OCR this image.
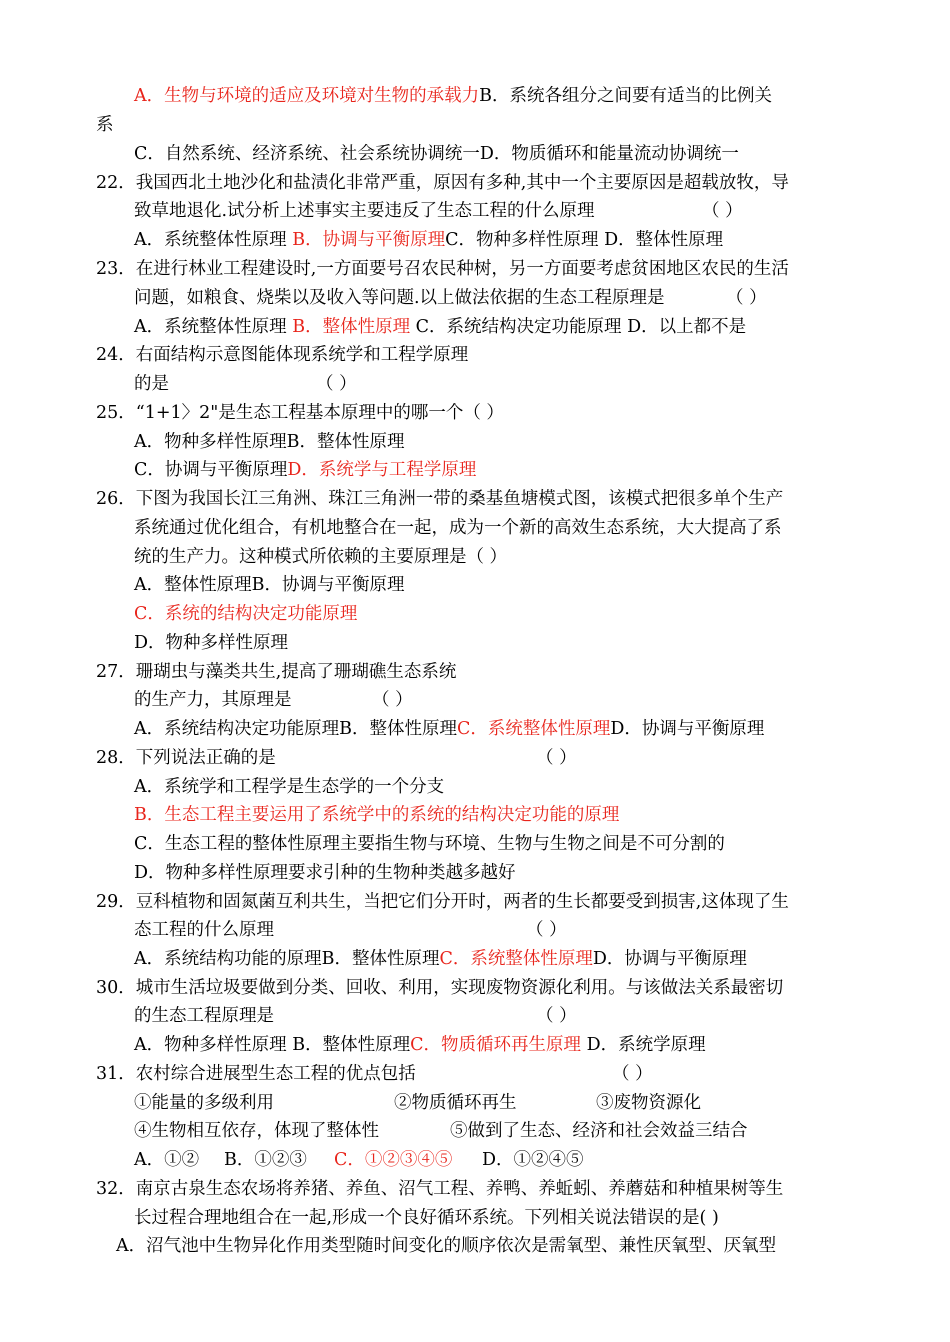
A．生物与环境的适应及环境对生物的承载力B．系统各组分之间要有适当的比例关
系
C．自然系统、经济系统、社会系统协调统一D．物质循环和能量流动协调统一
22．我国西北土地沙化和盐渍化非常严重，原因有多种,其中一个主要原因是超载放牧，导
致草地退化.试分析上述事实主要违反了生态工程的什么原理	（ ）
A．系统整体性原理 B．协调与平衡原理C．物种多样性原理 D．整体性原理
23．在进行林业工程建设时,一方面要号召农民种树，另一方面要考虑贫困地区农民的生活
问题，如粮食、烧柴以及收入等问题.以上做法依据的生态工程原理是	（ ）
A．系统整体性原理 B．整体性原理 C．系统结构决定功能原理 D．以上都不是
24．右面结构示意图能体现系统学和工程学原理
的是	（ ）
25．“1+1〉2"是生态工程基本原理中的哪一个（ ）
A．物种多样性原理B．整体性原理
C．协调与平衡原理D．系统学与工程学原理
26．下图为我国长江三角洲、珠江三角洲一带的桑基鱼塘模式图，该模式把很多单个生产
系统通过优化组合，有机地整合在一起，成为一个新的高效生态系统，大大提高了系
统的生产力。这种模式所依赖的主要原理是（ ）
A．整体性原理B．协调与平衡原理
C．系统的结构决定功能原理
D．物种多样性原理
27．珊瑚虫与藻类共生,提高了珊瑚礁生态系统
的生产力，其原理是	（ ）
A．系统结构决定功能原理B．整体性原理C．系统整体性原理D．协调与平衡原理
28．下列说法正确的是	（ ）
A．系统学和工程学是生态学的一个分支
B．生态工程主要运用了系统学中的系统的结构决定功能的原理
C．生态工程的整体性原理主要指生物与环境、生物与生物之间是不可分割的
D．物种多样性原理要求引种的生物种类越多越好
29．豆科植物和固氮菌互利共生，当把它们分开时，两者的生长都要受到损害,这体现了生
态工程的什么原理	（ ）
A．系统结构功能的原理B．整体性原理C．系统整体性原理D．协调与平衡原理
30．城市生活垃圾要做到分类、回收、利用，实现废物资源化利用。与该做法关系最密切
的生态工程原理是	（ ）
A．物种多样性原理 B．整体性原理C．物质循环再生原理 D．系统学原理
31．农村综合进展型生态工程的优点包括	（ ）
①能量的多级利用	②物质循环再生	③废物资源化
④生物相互依存，体现了整体性	⑤做到了生态、经济和社会效益三结合
A．①② B．①②③ C．①②③④⑤ D．①②④⑤
32．南京古泉生态农场将养猪、养鱼、沼气工程、养鸭、养蚯蚓、养蘑菇和种植果树等生
长过程合理地组合在一起,形成一个良好循环系统。下列相关说法错误的是( )
A．沼气池中生物异化作用类型随时间变化的顺序依次是需氧型、兼性厌氧型、厌氧型
